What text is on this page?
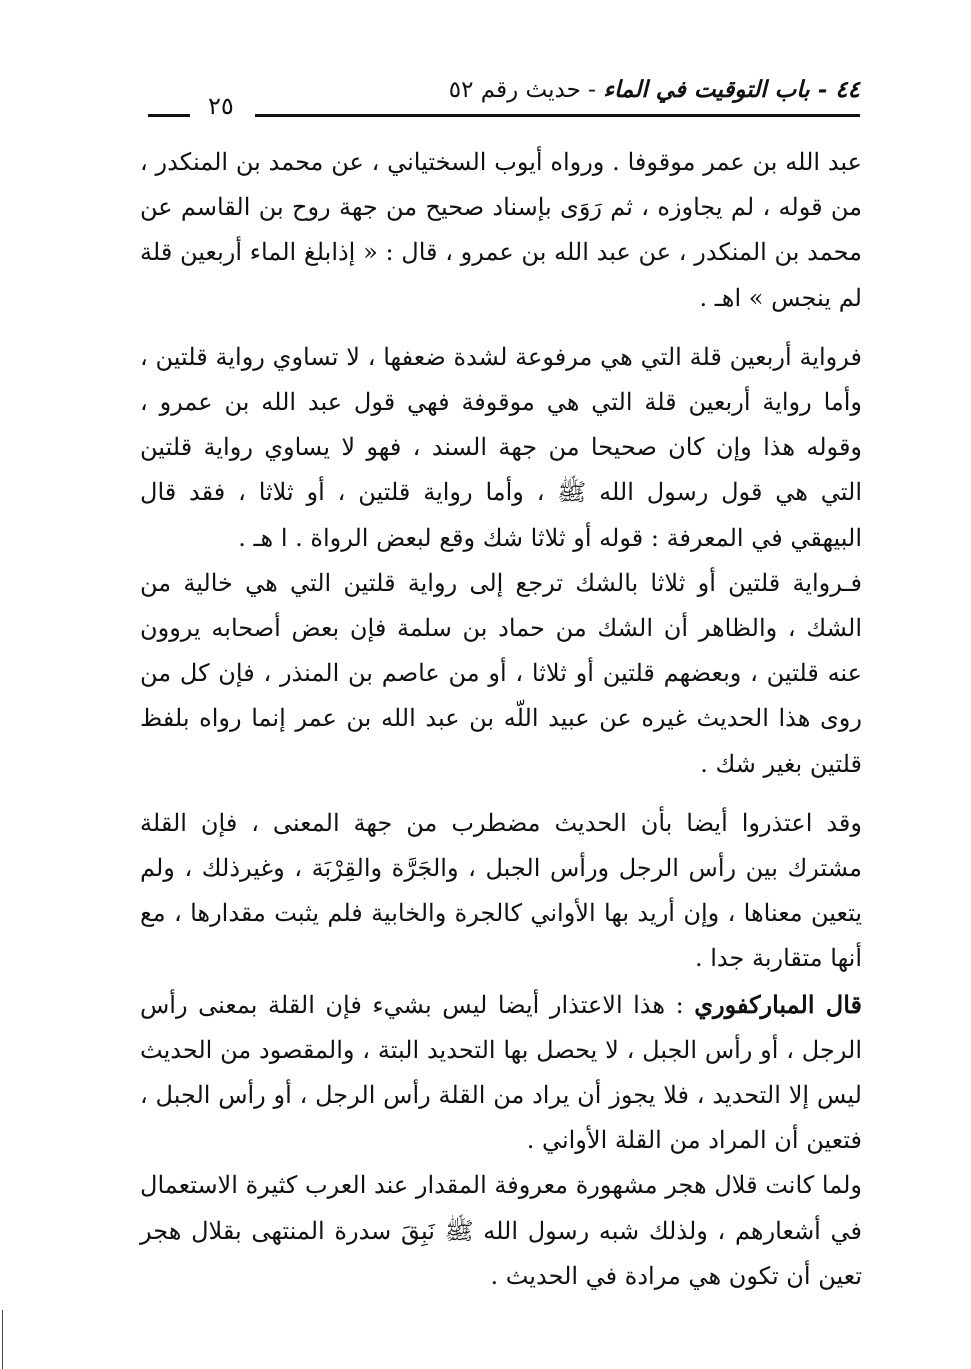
٤٤ - باب التوقيت في الماء - حديث رقم ٥٢
٢٥

عبد الله بن عمر موقوفا . ورواه أيوب السختياني ، عن محمد بن المنكدر ، من قوله ، لم يجاوزه ، ثم رَوَى بإسناد صحيح من جهة روح بن القاسم عن محمد بن المنكدر ، عن عبد الله بن عمرو ، قال : « إذابلغ الماء أربعين قلة لم ينجس » اهـ .

فرواية أربعين قلة التي هي مرفوعة لشدة ضعفها ، لا تساوي رواية قلتين ، وأما رواية أربعين قلة التي هي موقوفة فهي قول عبد الله بن عمرو ، وقوله هذا وإن كان صحيحا من جهة السند ، فهو لا يساوي رواية قلتين التي هي قول رسول الله ﷺ ، وأما رواية قلتين ، أو ثلاثا ، فقد قال البيهقي في المعرفة : قوله أو ثلاثا شك وقع لبعض الرواة . ا هـ .

فـرواية قلتين أو ثلاثا بالشك ترجع إلى رواية قلتين التي هي خالية من الشك ، والظاهر أن الشك من حماد بن سلمة فإن بعض أصحابه يروون عنه قلتين ، وبعضهم قلتين أو ثلاثا ، أو من عاصم بن المنذر ، فإن كل من روى هذا الحديث غيره عن عبيد اللّه بن عبد الله بن عمر إنما رواه بلفظ قلتين بغير شك .

وقد اعتذروا أيضا بأن الحديث مضطرب من جهة المعنى ، فإن القلة مشترك بين رأس الرجل ورأس الجبل ، والجَرَّة والقِرْبَة ، وغيرذلك ، ولم يتعين معناها ، وإن أريد بها الأواني كالجرة والخابية فلم يثبت مقدارها ، مع أنها متقاربة جدا .

قال المباركفوري : هذا الاعتذار أيضا ليس بشيء فإن القلة بمعنى رأس الرجل ، أو رأس الجبل ، لا يحصل بها التحديد البتة ، والمقصود من الحديث ليس إلا التحديد ، فلا يجوز أن يراد من القلة رأس الرجل ، أو رأس الجبل ، فتعين أن المراد من القلة الأواني .

ولما كانت قلال هجر مشهورة معروفة المقدار عند العرب كثيرة الاستعمال في أشعارهم ، ولذلك شبه رسول الله ﷺ نَبِقَ سدرة المنتهى بقلال هجر تعين أن تكون هي مرادة في الحديث .
